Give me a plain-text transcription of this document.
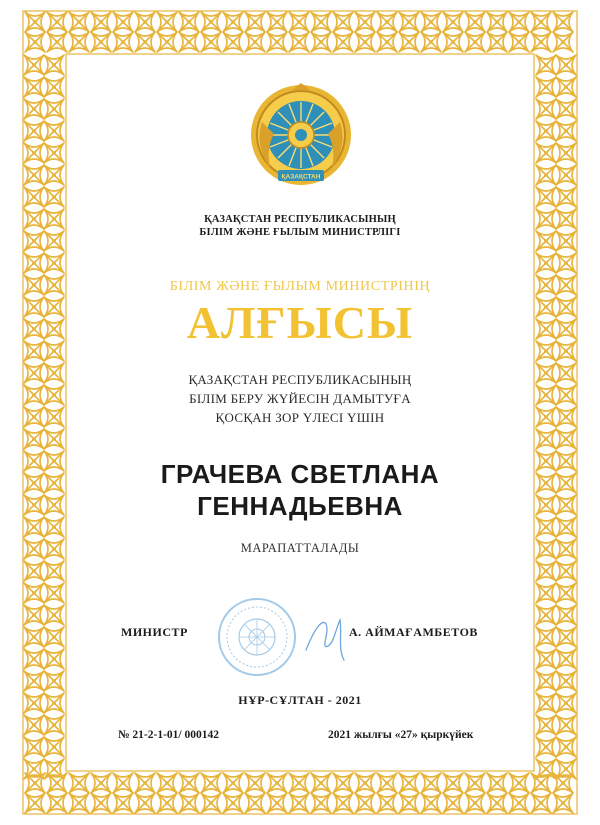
ҚАЗАҚСТАН
ҚАЗАҚСТАН РЕСПУБЛИКАСЫНЫҢ
БІЛІМ ЖӘНЕ ҒЫЛЫМ МИНИСТРЛІГІ
БІЛІМ ЖӘНЕ ҒЫЛЫМ МИНИСТРІНІҢ
АЛҒЫСЫ
ҚАЗАҚСТАН РЕСПУБЛИКАСЫНЫҢ
БІЛІМ БЕРУ ЖҮЙЕСІН ДАМЫТУҒА
ҚОСҚАН ЗОР ҮЛЕСІ ҮШІН
ГРАЧЕВА СВЕТЛАНА
ГЕННАДЬЕВНА
МАРАПАТТАЛАДЫ
МИНИСТР	А. АЙМАҒАМБЕТОВ
НҰР-СҰЛТАН - 2021
№ 21-2-1-01/ 000142	2021 жылғы «27» қыркүйек
